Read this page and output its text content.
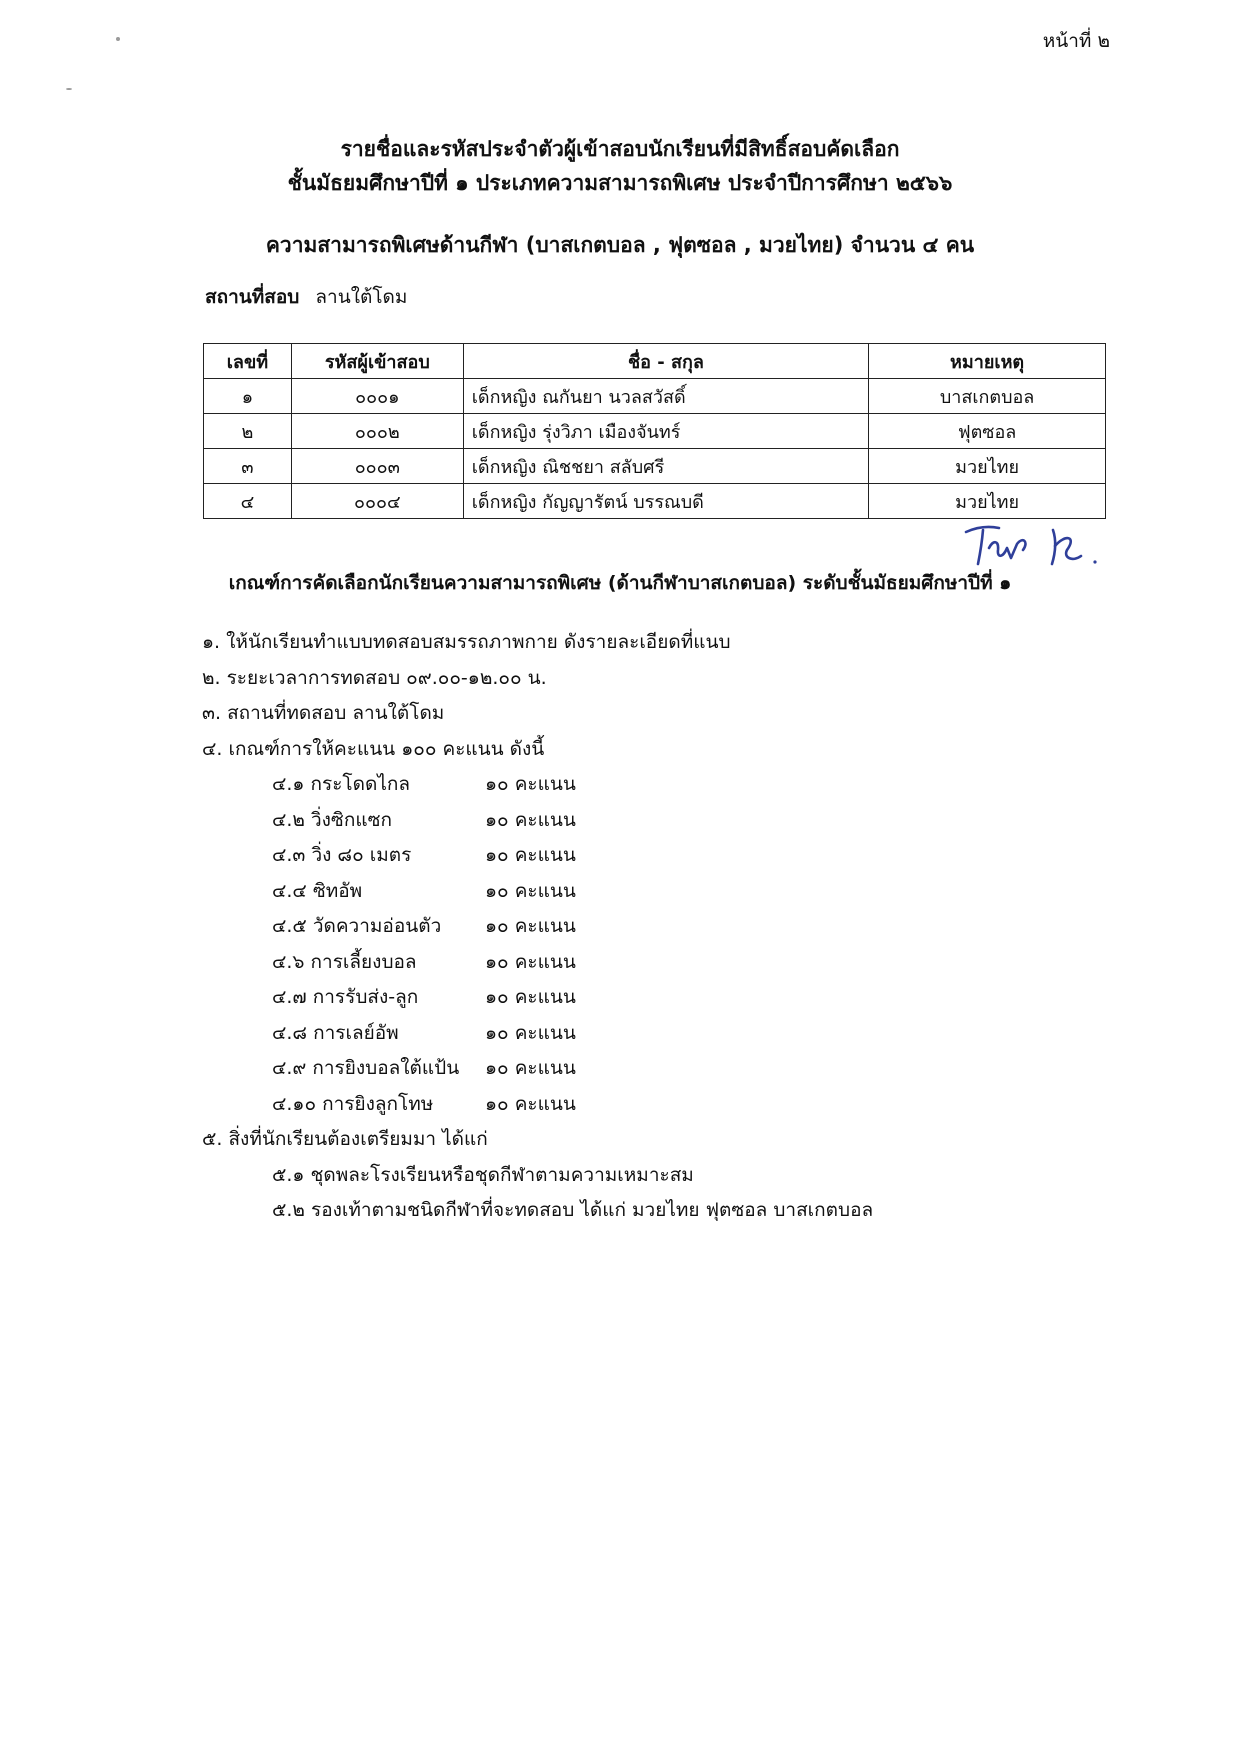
หน้าที่ ๒
รายชื่อและรหัสประจำตัวผู้เข้าสอบนักเรียนที่มีสิทธิ์สอบคัดเลือก
ชั้นมัธยมศึกษาปีที่ ๑ ประเภทความสามารถพิเศษ ประจำปีการศึกษา ๒๕๖๖
ความสามารถพิเศษด้านกีฬา (บาสเกตบอล , ฟุตซอล , มวยไทย) จำนวน ๔ คน
สถานที่สอบ ลานใต้โดม
เลขที่	รหัสผู้เข้าสอบ	ชื่อ - สกุล	หมายเหตุ
๑	๐๐๐๑	เด็กหญิง ณกันยา นวลสวัสดิ์	บาสเกตบอล
๒	๐๐๐๒	เด็กหญิง รุ่งวิภา เมืองจันทร์	ฟุตซอล
๓	๐๐๐๓	เด็กหญิง ณิชชยา สลับศรี	มวยไทย
๔	๐๐๐๔	เด็กหญิง กัญญารัตน์ บรรณบดี	มวยไทย
เกณฑ์การคัดเลือกนักเรียนความสามารถพิเศษ (ด้านกีฬาบาสเกตบอล) ระดับชั้นมัธยมศึกษาปีที่ ๑
๑. ให้นักเรียนทำแบบทดสอบสมรรถภาพกาย ดังรายละเอียดที่แนบ
๒. ระยะเวลาการทดสอบ ๐๙.๐๐-๑๒.๐๐ น.
๓. สถานที่ทดสอบ ลานใต้โดม
๔. เกณฑ์การให้คะแนน ๑๐๐ คะแนน ดังนี้
๔.๑ กระโดดไกล	๑๐ คะแนน
๔.๒ วิ่งซิกแซก	๑๐ คะแนน
๔.๓ วิ่ง ๘๐ เมตร	๑๐ คะแนน
๔.๔ ซิทอัพ	๑๐ คะแนน
๔.๕ วัดความอ่อนตัว ๑๐ คะแนน
๔.๖ การเลี้ยงบอล	๑๐ คะแนน
๔.๗ การรับส่ง-ลูก	๑๐ คะแนน
๔.๘ การเลย์อัพ	๑๐ คะแนน
๔.๙ การยิงบอลใต้แป้น ๑๐ คะแนน
๔.๑๐ การยิงลูกโทษ	๑๐ คะแนน
๕. สิ่งที่นักเรียนต้องเตรียมมา ได้แก่
๕.๑ ชุดพละโรงเรียนหรือชุดกีฬาตามความเหมาะสม
๕.๒ รองเท้าตามชนิดกีฬาที่จะทดสอบ ได้แก่ มวยไทย ฟุตซอล บาสเกตบอล
